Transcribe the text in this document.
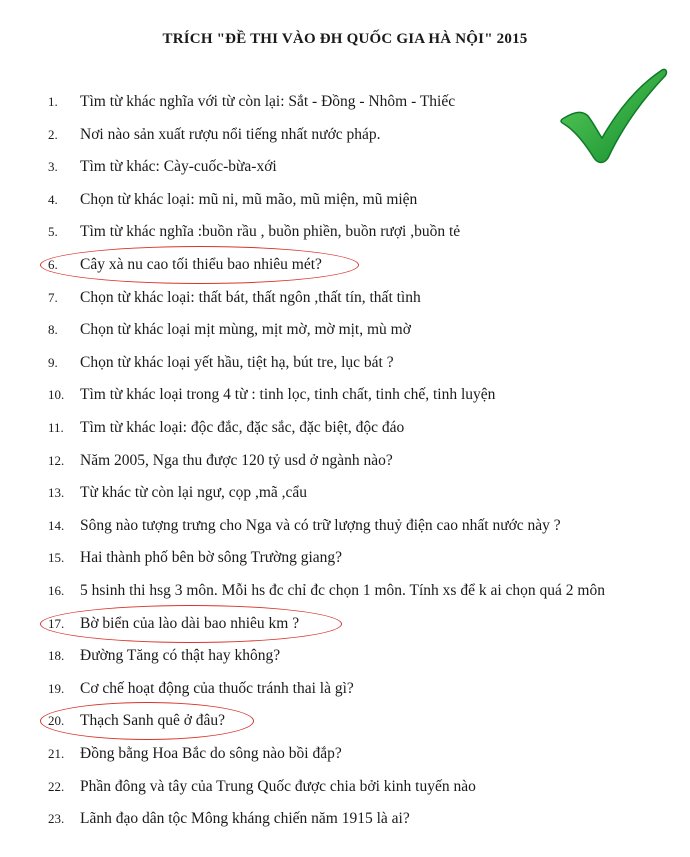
TRÍCH "ĐỀ THI VÀO ĐH QUỐC GIA HÀ NỘI" 2015
1. Tìm từ khác nghĩa với từ còn lại: Sắt - Đồng - Nhôm - Thiếc
2. Nơi nào sản xuất rượu nổi tiếng nhất nước pháp.
3. Tìm từ khác: Cày-cuốc-bừa-xới
4. Chọn từ khác loại: mũ ni, mũ mão, mũ miện, mũ miện
5. Tìm từ khác nghĩa :buồn rầu , buồn phiền, buồn rượi ,buồn tẻ
6. Cây xà nu cao tối thiểu bao nhiêu mét?
7. Chọn từ khác loại: thất bát, thất ngôn ,thất tín, thất tình
8. Chọn từ khác loại mịt mùng, mịt mờ, mờ mịt, mù mờ
9. Chọn từ khác loại yết hầu, tiệt hạ, bút tre, lục bát ?
10. Tìm từ khác loại trong 4 từ : tinh lọc, tinh chất, tinh chế, tinh luyện
11. Tìm từ khác loại: độc đắc, đặc sắc, đặc biệt, độc đáo
12. Năm 2005, Nga thu được 120 tỷ usd ở ngành nào?
13. Từ khác từ còn lại ngư, cọp ,mã ,cẩu
14. Sông nào tượng trưng cho Nga và có trữ lượng thuỷ điện cao nhất nước này ?
15. Hai thành phố bên bờ sông Trường giang?
16. 5 hsinh thi hsg 3 môn. Mỗi hs đc chỉ đc chọn 1 môn. Tính xs để k ai chọn quá 2 môn
17. Bờ biển của lào dài bao nhiêu km ?
18. Đường Tăng có thật hay không?
19. Cơ chế hoạt động của thuốc tránh thai là gì?
20. Thạch Sanh quê ở đâu?
21. Đồng bằng Hoa Bắc do sông nào bồi đắp?
22. Phần đông và tây của Trung Quốc được chia bởi kinh tuyến nào
23. Lãnh đạo dân tộc Mông kháng chiến năm 1915 là ai?
